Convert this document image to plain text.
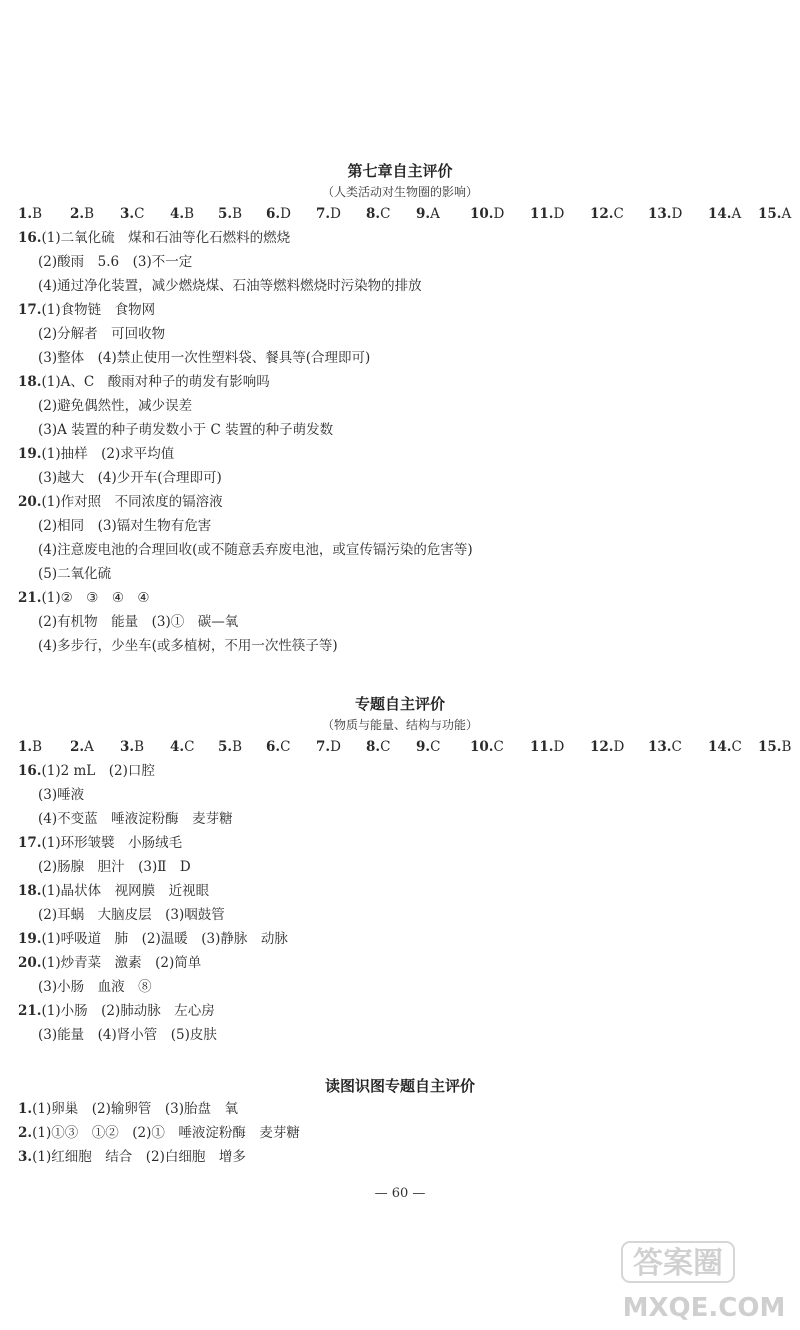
第七章自主评价
（人类活动对生物圈的影响）
1.B 2.B 3.C 4.B 5.B 6.D 7.D 8.C 9.A 10.D 11.D 12.C 13.D 14.A 15.A
16.(1)二氧化硫　煤和石油等化石燃料的燃烧
(2)酸雨　5.6　(3)不一定
(4)通过净化装置，减少燃烧煤、石油等燃料燃烧时污染物的排放
17.(1)食物链　食物网
(2)分解者　可回收物
(3)整体　(4)禁止使用一次性塑料袋、餐具等(合理即可)
18.(1)A、C　酸雨对种子的萌发有影响吗
(2)避免偶然性，减少误差
(3)A 装置的种子萌发数小于 C 装置的种子萌发数
19.(1)抽样　(2)求平均值
(3)越大　(4)少开车(合理即可)
20.(1)作对照　不同浓度的镉溶液
(2)相同　(3)镉对生物有危害
(4)注意废电池的合理回收(或不随意丢弃废电池，或宣传镉污染的危害等)
(5)二氧化硫
21.(1)②　③　④　④
(2)有机物　能量　(3)①　碳—氧
(4)多步行，少坐车(或多植树，不用一次性筷子等)
专题自主评价
（物质与能量、结构与功能）
1.B 2.A 3.B 4.C 5.B 6.C 7.D 8.C 9.C 10.C 11.D 12.D 13.C 14.C 15.B
16.(1)2 mL　(2)口腔
(3)唾液
(4)不变蓝　唾液淀粉酶　麦芽糖
17.(1)环形皱襞　小肠绒毛
(2)肠腺　胆汁　(3)Ⅱ　D
18.(1)晶状体　视网膜　近视眼
(2)耳蜗　大脑皮层　(3)咽鼓管
19.(1)呼吸道　肺　(2)温暖　(3)静脉　动脉
20.(1)炒青菜　激素　(2)简单
(3)小肠　血液　⑧
21.(1)小肠　(2)肺动脉　左心房
(3)能量　(4)肾小管　(5)皮肤
读图识图专题自主评价
1.(1)卵巢　(2)输卵管　(3)胎盘　氧
2.(1)①③　①②　(2)①　唾液淀粉酶　麦芽糖
3.(1)红细胞　结合　(2)白细胞　增多
— 60 —
答案圈
MXQE.COM
